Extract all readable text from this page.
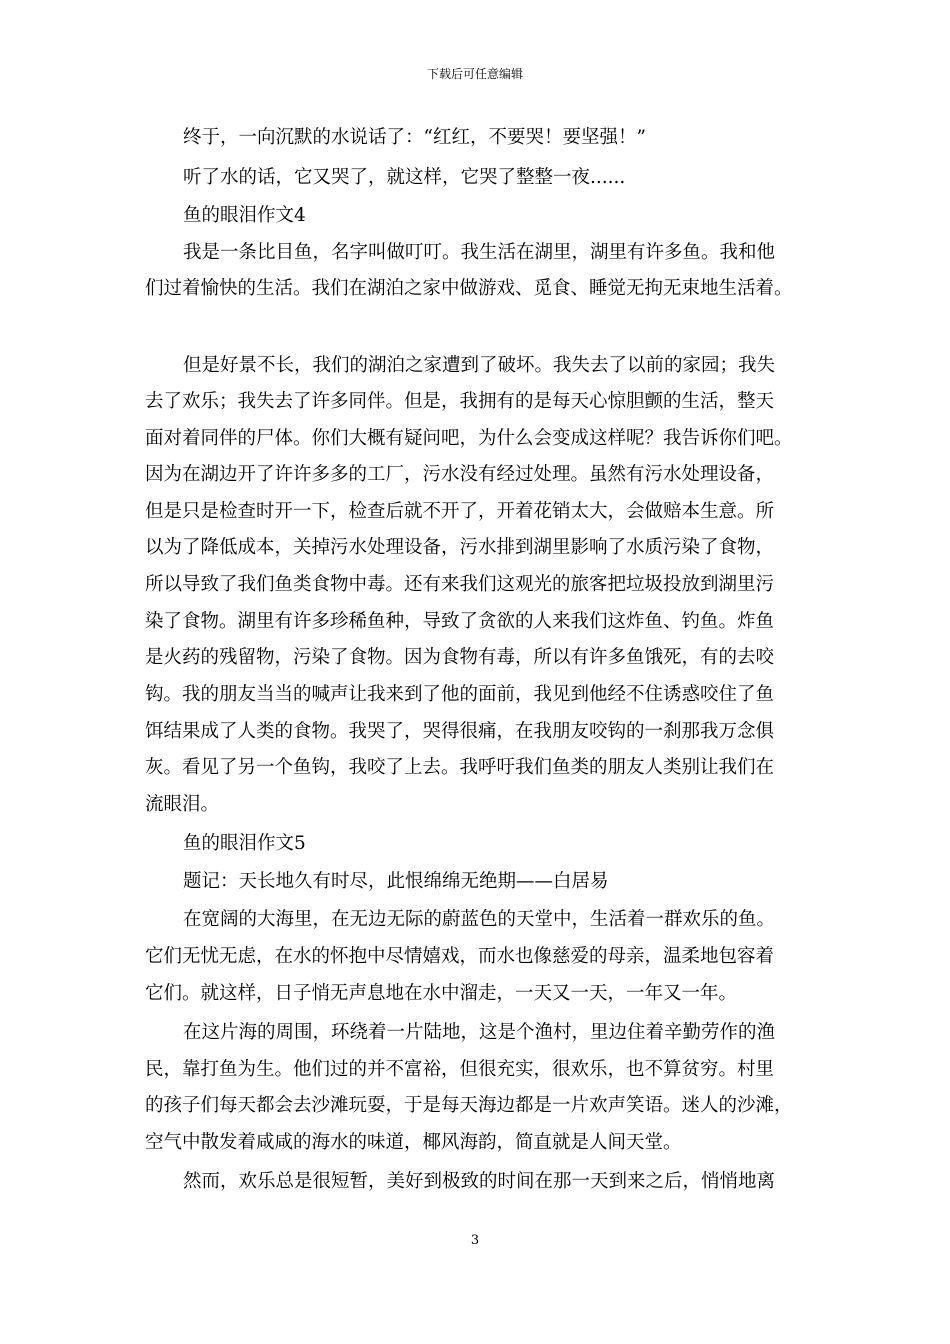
下载后可任意编辑
终于，一向沉默的水说话了：“红红，不要哭！要坚强！”
听了水的话，它又哭了，就这样，它哭了整整一夜......
鱼的眼泪作文4
我是一条比目鱼，名字叫做叮叮。我生活在湖里，湖里有许多鱼。我和他
们过着愉快的生活。我们在湖泊之家中做游戏、觅食、睡觉无拘无束地生活着。
但是好景不长，我们的湖泊之家遭到了破坏。我失去了以前的家园；我失
去了欢乐；我失去了许多同伴。但是，我拥有的是每天心惊胆颤的生活，整天
面对着同伴的尸体。你们大概有疑问吧，为什么会变成这样呢？我告诉你们吧。
因为在湖边开了许许多多的工厂，污水没有经过处理。虽然有污水处理设备，
但是只是检查时开一下，检查后就不开了，开着花销太大，会做赔本生意。所
以为了降低成本，关掉污水处理设备，污水排到湖里影响了水质污染了食物，
所以导致了我们鱼类食物中毒。还有来我们这观光的旅客把垃圾投放到湖里污
染了食物。湖里有许多珍稀鱼种，导致了贪欲的人来我们这炸鱼、钓鱼。炸鱼
是火药的残留物，污染了食物。因为食物有毒，所以有许多鱼饿死，有的去咬
钩。我的朋友当当的喊声让我来到了他的面前，我见到他经不住诱惑咬住了鱼
饵结果成了人类的食物。我哭了，哭得很痛，在我朋友咬钩的一刹那我万念俱
灰。看见了另一个鱼钩，我咬了上去。我呼吁我们鱼类的朋友人类别让我们在
流眼泪。
鱼的眼泪作文5
题记：天长地久有时尽，此恨绵绵无绝期——白居易
在宽阔的大海里，在无边无际的蔚蓝色的天堂中，生活着一群欢乐的鱼。
它们无忧无虑，在水的怀抱中尽情嬉戏，而水也像慈爱的母亲，温柔地包容着
它们。就这样，日子悄无声息地在水中溜走，一天又一天，一年又一年。
在这片海的周围，环绕着一片陆地，这是个渔村，里边住着辛勤劳作的渔
民，靠打鱼为生。他们过的并不富裕，但很充实，很欢乐，也不算贫穷。村里
的孩子们每天都会去沙滩玩耍，于是每天海边都是一片欢声笑语。迷人的沙滩，
空气中散发着咸咸的海水的味道，椰风海韵，简直就是人间天堂。
然而，欢乐总是很短暂，美好到极致的时间在那一天到来之后，悄悄地离
3
